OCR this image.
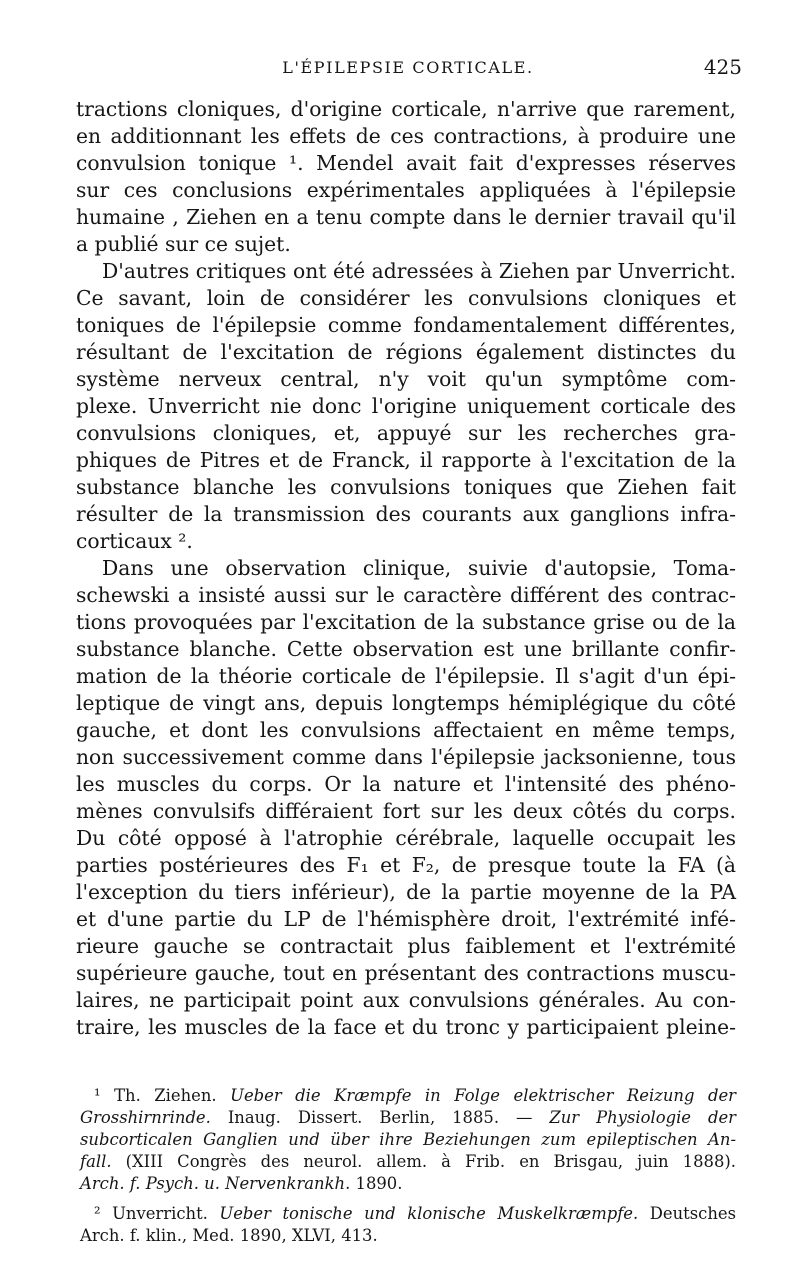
L'ÉPILEPSIE CORTICALE.	425
tractions cloniques, d'origine corticale, n'arrive que rarement,
en additionnant les effets de ces contractions, à produire une
convulsion tonique ¹. Mendel avait fait d'expresses réserves
sur ces conclusions expérimentales appliquées à l'épilepsie
humaine , Ziehen en a tenu compte dans le dernier travail qu'il
a publié sur ce sujet.
D'autres critiques ont été adressées à Ziehen par Unverricht.
Ce savant, loin de considérer les convulsions cloniques et
toniques de l'épilepsie comme fondamentalement différentes,
résultant de l'excitation de régions également distinctes du
système nerveux central, n'y voit qu'un symptôme com-
plexe. Unverricht nie donc l'origine uniquement corticale des
convulsions cloniques, et, appuyé sur les recherches gra-
phiques de Pitres et de Franck, il rapporte à l'excitation de la
substance blanche les convulsions toniques que Ziehen fait
résulter de la transmission des courants aux ganglions infra-
corticaux ².
Dans une observation clinique, suivie d'autopsie, Toma-
schewski a insisté aussi sur le caractère différent des contrac-
tions provoquées par l'excitation de la substance grise ou de la
substance blanche. Cette observation est une brillante confir-
mation de la théorie corticale de l'épilepsie. Il s'agit d'un épi-
leptique de vingt ans, depuis longtemps hémiplégique du côté
gauche, et dont les convulsions affectaient en même temps,
non successivement comme dans l'épilepsie jacksonienne, tous
les muscles du corps. Or la nature et l'intensité des phéno-
mènes convulsifs différaient fort sur les deux côtés du corps.
Du côté opposé à l'atrophie cérébrale, laquelle occupait les
parties postérieures des F₁ et F₂, de presque toute la FA (à
l'exception du tiers inférieur), de la partie moyenne de la PA
et d'une partie du LP de l'hémisphère droit, l'extrémité infé-
rieure gauche se contractait plus faiblement et l'extrémité
supérieure gauche, tout en présentant des contractions muscu-
laires, ne participait point aux convulsions générales. Au con-
traire, les muscles de la face et du tronc y participaient pleine-
¹ Th. Ziehen. Ueber die Kræmpfe in Folge elektrischer Reizung der
Grosshirnrinde. Inaug. Dissert. Berlin, 1885. — Zur Physiologie der
subcorticalen Ganglien und über ihre Beziehungen zum epileptischen An-
fall. (XIII Congrès des neurol. allem. à Frib. en Brisgau, juin 1888).
Arch. f. Psych. u. Nervenkrankh. 1890.
² Unverricht. Ueber tonische und klonische Muskelkræmpfe. Deutsches
Arch. f. klin., Med. 1890, XLVI, 413.
